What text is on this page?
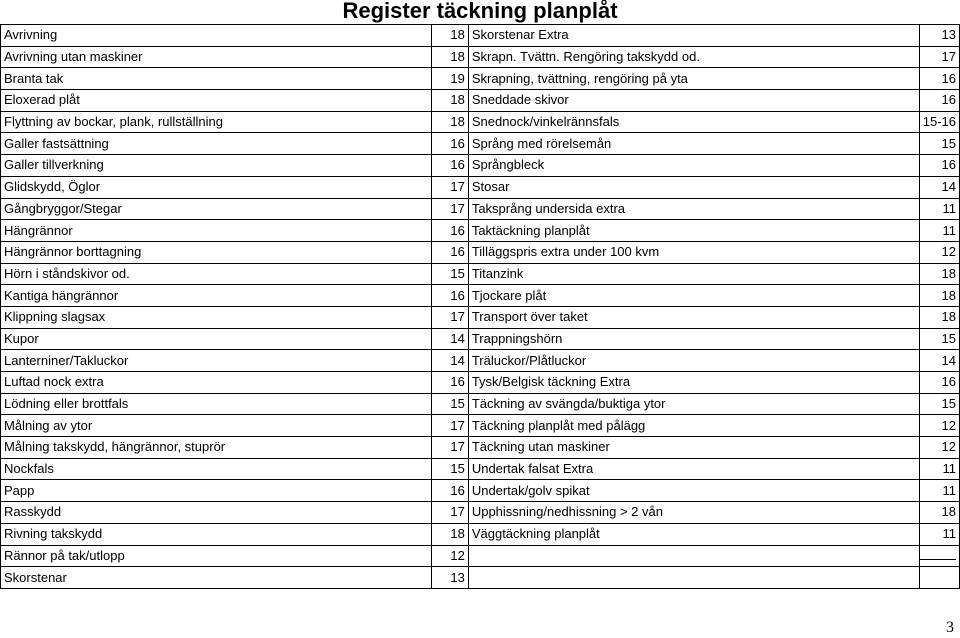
Register täckning planplåt
Avrivning	18	Skorstenar Extra	13
Avrivning utan maskiner	18	Skrapn. Tvättn. Rengöring takskydd od.	17
Branta tak	19	Skrapning, tvättning, rengöring på yta	16
Eloxerad plåt	18	Sneddade skivor	16
Flyttning av bockar, plank, rullställning	18	Snednock/vinkelrännsfals	15-16
Galler fastsättning	16	Språng med rörelsemån	15
Galler tillverkning	16	Språngbleck	16
Glidskydd, Öglor	17	Stosar	14
Gångbryggor/Stegar	17	Taksprång undersida extra	11
Hängrännor	16	Taktäckning planplåt	11
Hängrännor borttagning	16	Tilläggspris extra under 100 kvm	12
Hörn i ståndskivor od.	15	Titanzink	18
Kantiga hängrännor	16	Tjockare plåt	18
Klippning slagsax	17	Transport över taket	18
Kupor	14	Trappningshörn	15
Lanterniner/Takluckor	14	Träluckor/Plåtluckor	14
Luftad nock extra	16	Tysk/Belgisk täckning Extra	16
Lödning eller brottfals	15	Täckning av svängda/buktiga ytor	15
Målning av ytor	17	Täckning planplåt med pålägg	12
Målning takskydd, hängrännor, stuprör	17	Täckning utan maskiner	12
Nockfals	15	Undertak falsat Extra	11
Papp	16	Undertak/golv spikat	11
Rasskydd	17	Upphissning/nedhissning > 2 vån	18
Rivning takskydd	18	Väggtäckning planplåt	11
Rännor på tak/utlopp	12		

Skorstenar	13		
3
